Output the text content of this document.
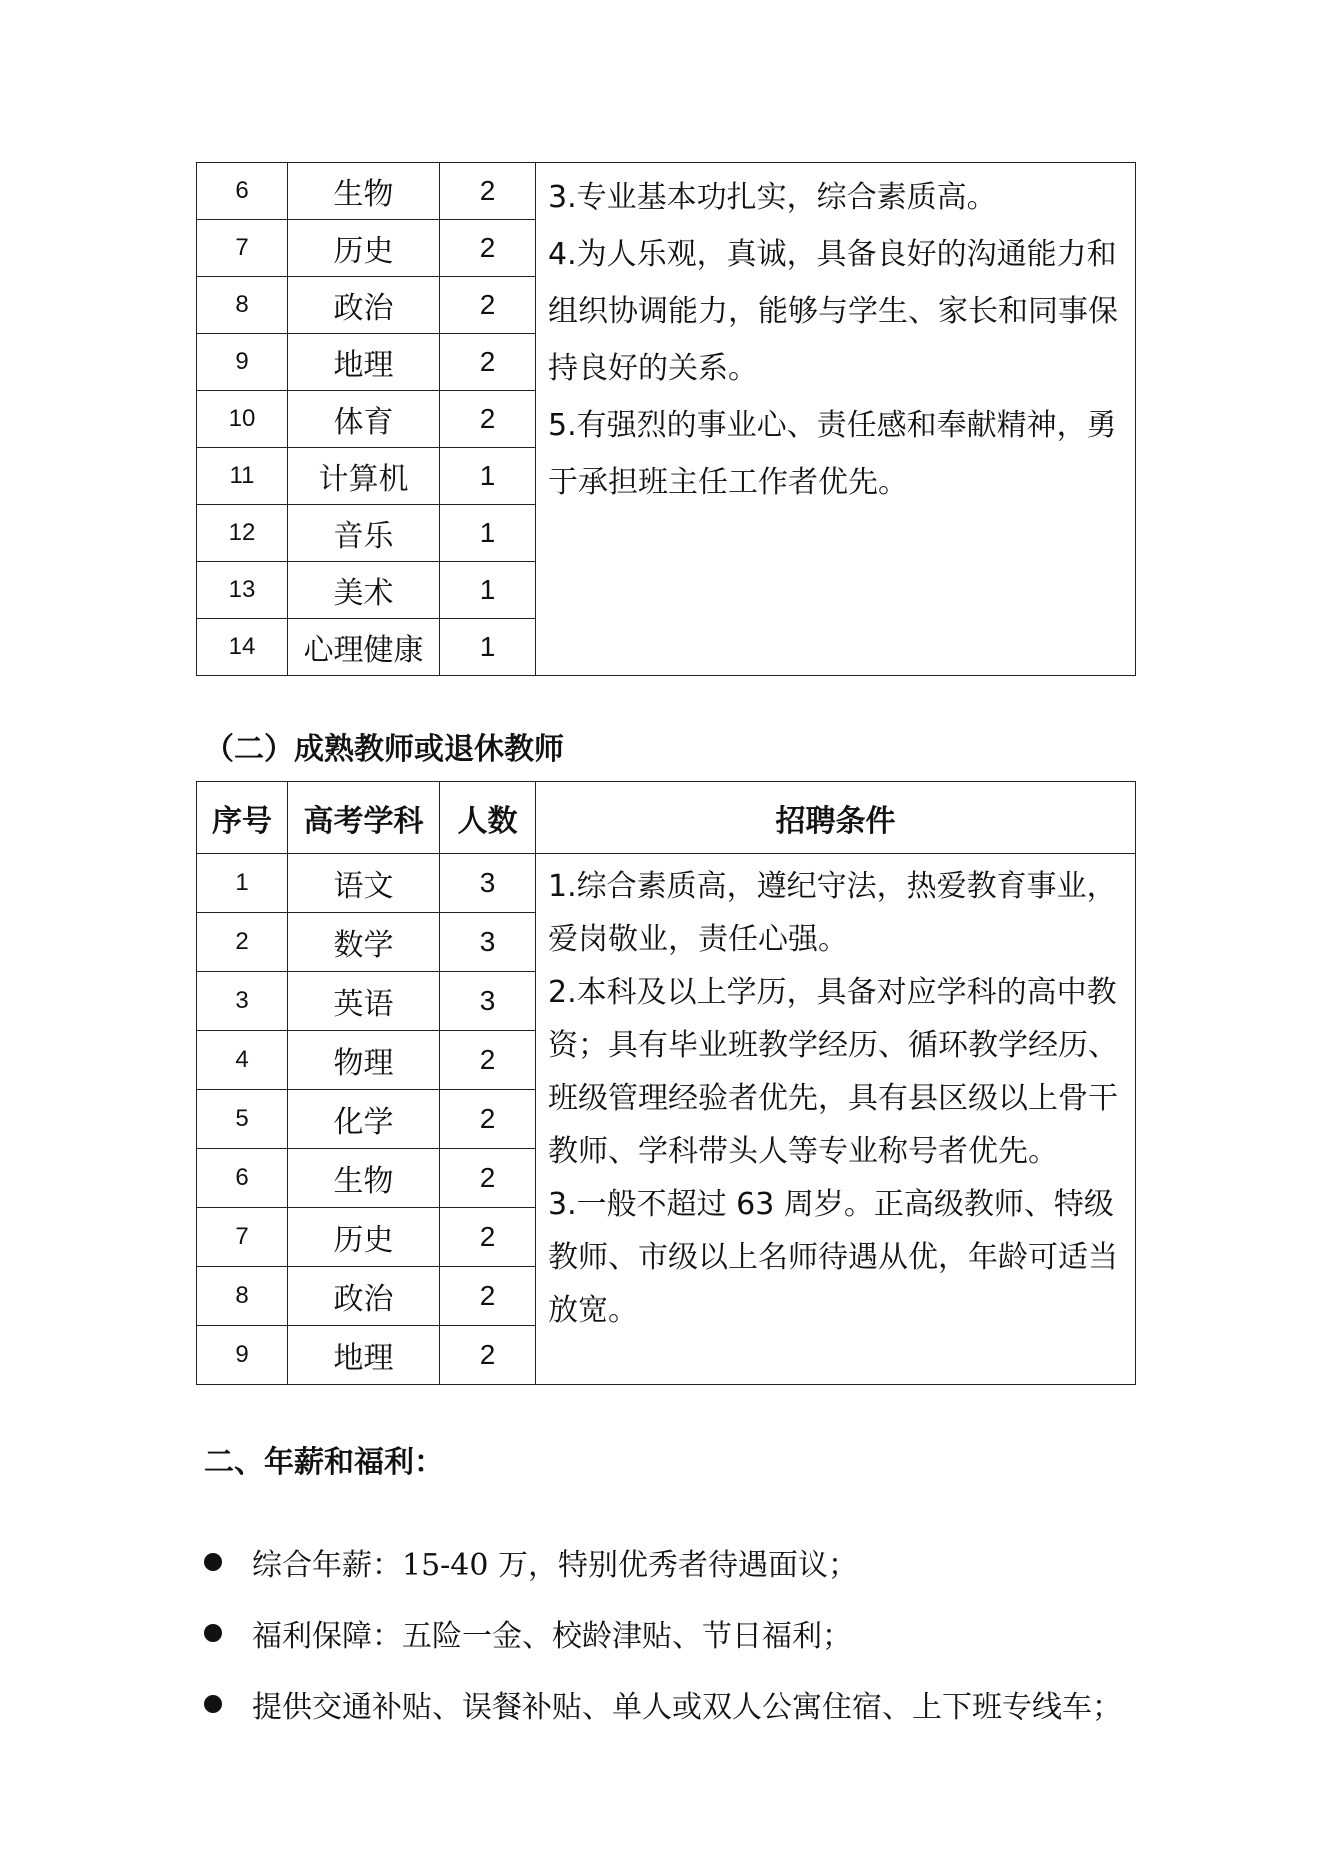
6	生物	2	3.专业基本功扎实，综合素质高。

4.为人乐观，真诚，具备良好的沟通能力和组织协调能力，能够与学生、家长和同事保持良好的关系。

5.有强烈的事业心、责任感和奉献精神，勇于承担班主任工作者优先。

7	历史	2	
8	政治	2	
9	地理	2	
10	体育	2	
11	计算机	1	
12	音乐	1	
13	美术	1	
14	心理健康	1	
（二）成熟教师或退休教师
序号	高考学科	人数	招聘条件
1	语文	3	1.综合素质高，遵纪守法，热爱教育事业，爱岗敬业，责任心强。

2.本科及以上学历，具备对应学科的高中教资；具有毕业班教学经历、循环教学经历、班级管理经验者优先，具有县区级以上骨干教师、学科带头人等专业称号者优先。

3.一般不超过 63 周岁。正高级教师、特级教师、市级以上名师待遇从优，年龄可适当放宽。

2	数学	3	
3	英语	3	
4	物理	2	
5	化学	2	
6	生物	2	
7	历史	2	
8	政治	2	
9	地理	2	
二、年薪和福利：
综合年薪：15-40 万，特别优秀者待遇面议；
福利保障：五险一金、校龄津贴、节日福利；
提供交通补贴、误餐补贴、单人或双人公寓住宿、上下班专线车；
